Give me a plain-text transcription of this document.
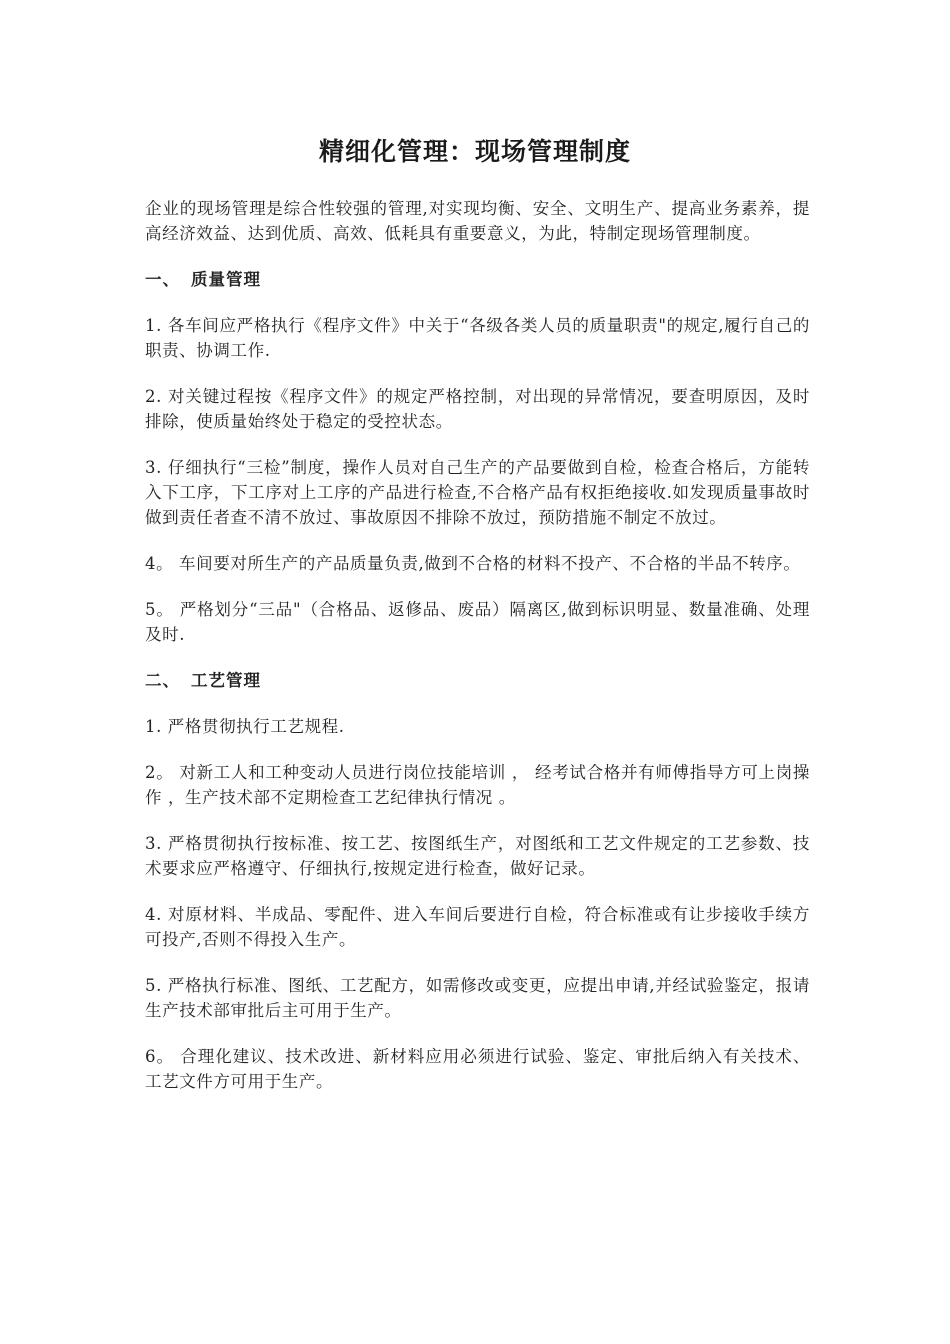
精细化管理：现场管理制度

企业的现场管理是综合性较强的管理,对实现均衡、安全、文明生产、提高业务素养，提高经济效益、达到优质、高效、低耗具有重要意义，为此，特制定现场管理制度。

一、 质量管理

1. 各车间应严格执行《程序文件》中关于“各级各类人员的质量职责"的规定,履行自己的职责、协调工作.

2. 对关键过程按《程序文件》的规定严格控制，对出现的异常情况，要查明原因，及时排除，使质量始终处于稳定的受控状态。

3. 仔细执行“三检”制度，操作人员对自己生产的产品要做到自检，检查合格后，方能转入下工序，下工序对上工序的产品进行检查,不合格产品有权拒绝接收.如发现质量事故时做到责任者查不清不放过、事故原因不排除不放过，预防措施不制定不放过。

4。 车间要对所生产的产品质量负责,做到不合格的材料不投产、不合格的半品不转序。

5。 严格划分“三品"（合格品、返修品、废品）隔离区,做到标识明显、数量准确、处理及时.

二、 工艺管理

1. 严格贯彻执行工艺规程.

2。 对新工人和工种变动人员进行岗位技能培训 ， 经考试合格并有师傅指导方可上岗操作 ，生产技术部不定期检查工艺纪律执行情况 。

3. 严格贯彻执行按标准、按工艺、按图纸生产，对图纸和工艺文件规定的工艺参数、技术要求应严格遵守、仔细执行,按规定进行检查，做好记录。

4. 对原材料、半成品、零配件、进入车间后要进行自检，符合标准或有让步接收手续方可投产,否则不得投入生产。

5. 严格执行标准、图纸、工艺配方，如需修改或变更，应提出申请,并经试验鉴定，报请生产技术部审批后主可用于生产。

6。 合理化建议、技术改进、新材料应用必须进行试验、鉴定、审批后纳入有关技术、工艺文件方可用于生产。
